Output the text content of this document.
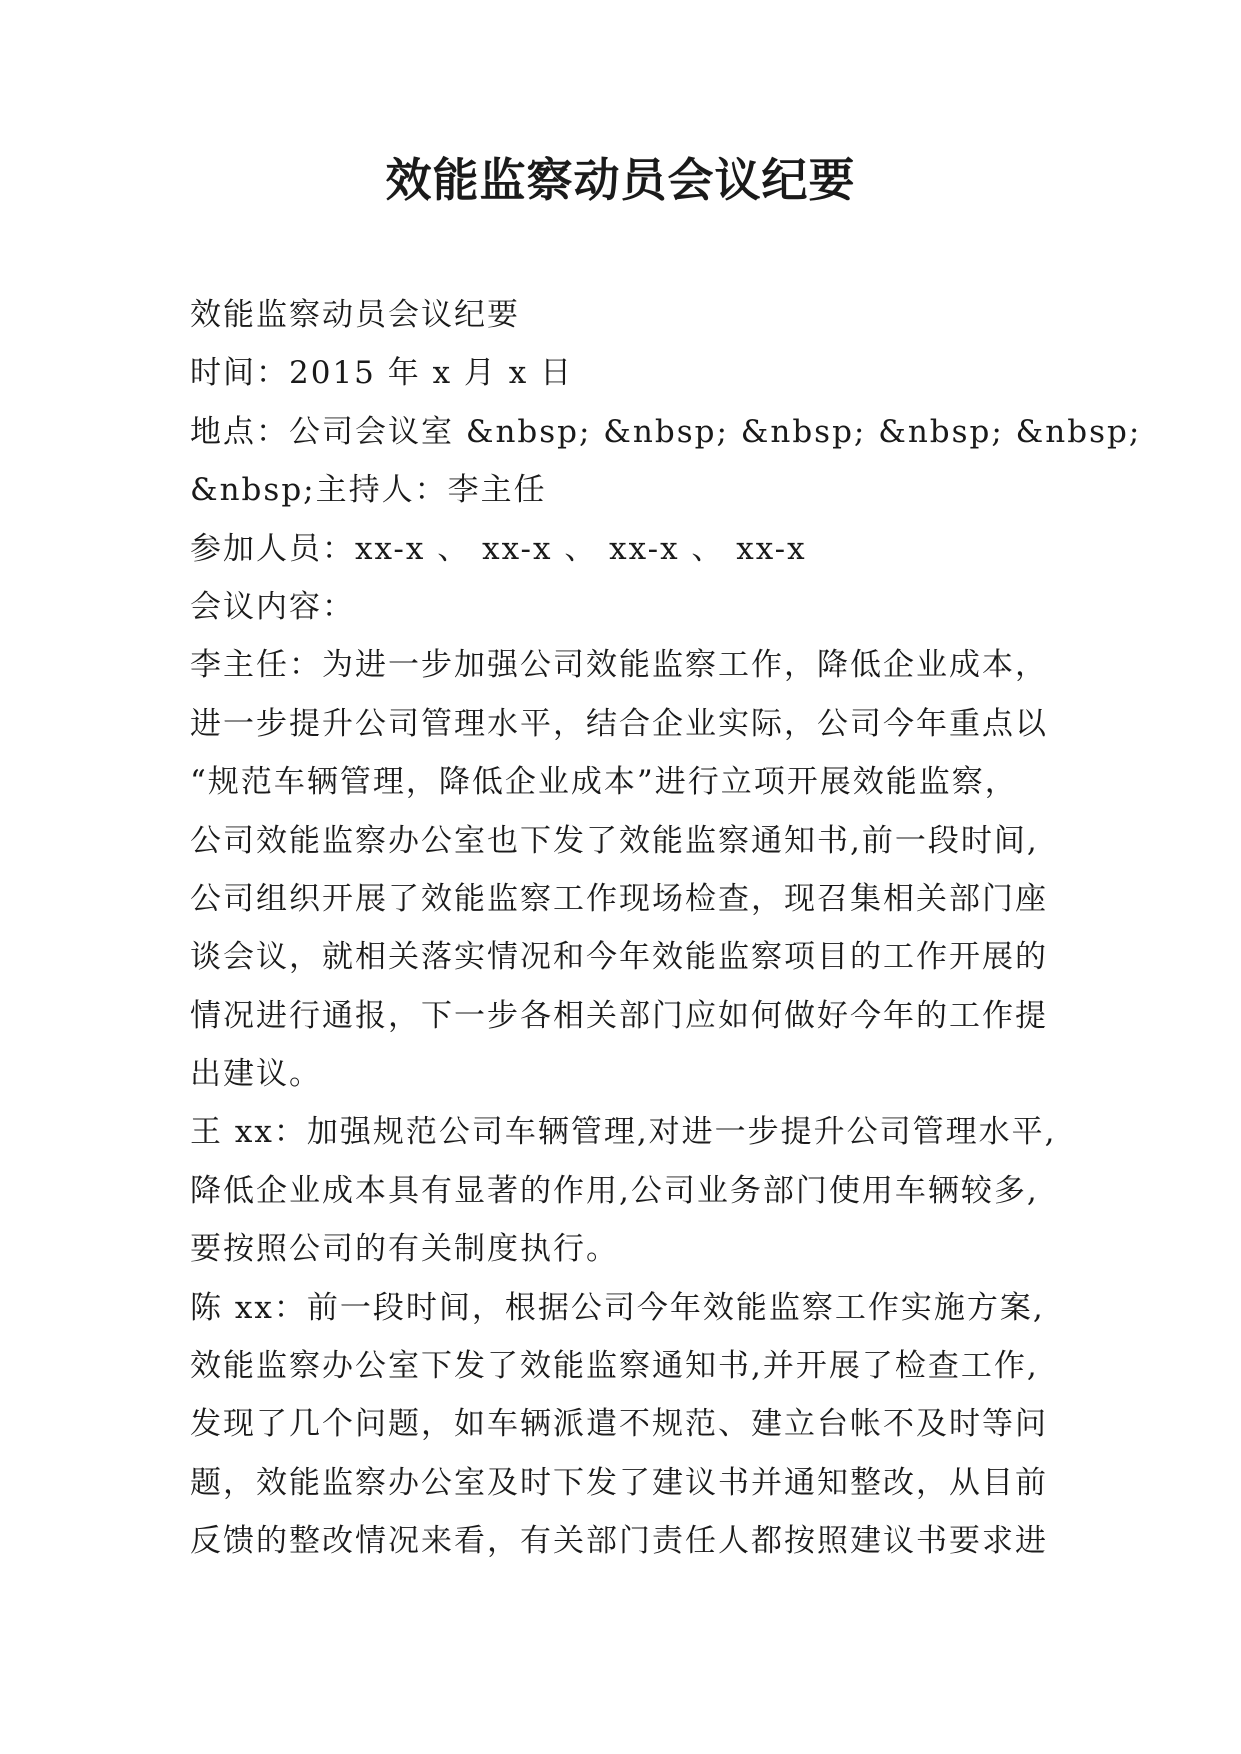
效能监察动员会议纪要
效能监察动员会议纪要
时间：2015 年 x 月 x 日
地点：公司会议室 &nbsp; &nbsp; &nbsp; &nbsp; &nbsp;
&nbsp;主持人：李主任
参加人员：xx-x 、 xx-x 、 xx-x 、 xx-x
会议内容：
李主任：为进一步加强公司效能监察工作，降低企业成本，
进一步提升公司管理水平，结合企业实际，公司今年重点以
“规范车辆管理，降低企业成本”进行立项开展效能监察，
公司效能监察办公室也下发了效能监察通知书,前一段时间,
公司组织开展了效能监察工作现场检查，现召集相关部门座
谈会议，就相关落实情况和今年效能监察项目的工作开展的
情况进行通报，下一步各相关部门应如何做好今年的工作提
出建议。
王 xx：加强规范公司车辆管理,对进一步提升公司管理水平,
降低企业成本具有显著的作用,公司业务部门使用车辆较多,
要按照公司的有关制度执行。
陈 xx：前一段时间，根据公司今年效能监察工作实施方案,
效能监察办公室下发了效能监察通知书,并开展了检查工作,
发现了几个问题，如车辆派遣不规范、建立台帐不及时等问
题，效能监察办公室及时下发了建议书并通知整改，从目前
反馈的整改情况来看，有关部门责任人都按照建议书要求进
